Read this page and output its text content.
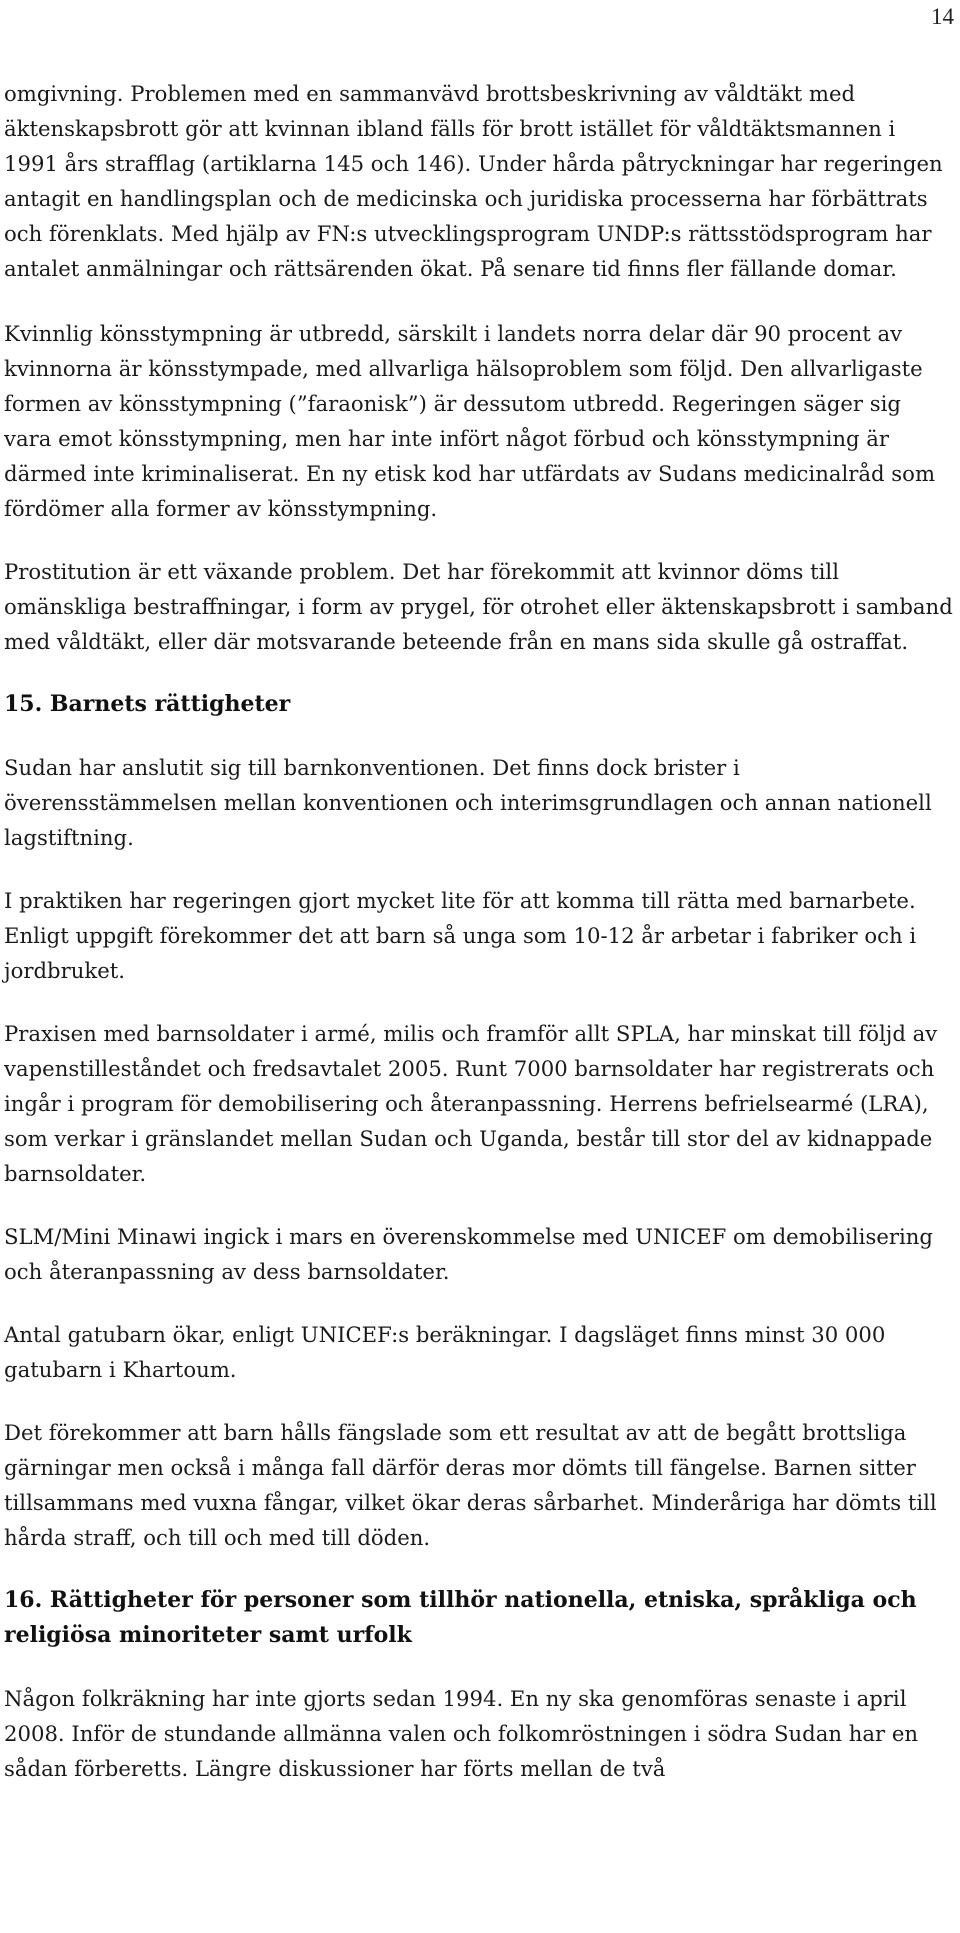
14

omgivning. Problemen med en sammanvävd brottsbeskrivning av våldtäkt med äktenskapsbrott gör att kvinnan ibland fälls för brott istället för våldtäktsmannen i 1991 års strafflag (artiklarna 145 och 146). Under hårda påtryckningar har regeringen antagit en handlingsplan och de medicinska och juridiska processerna har förbättrats och förenklats. Med hjälp av FN:s utvecklingsprogram UNDP:s rättsstödsprogram har antalet anmälningar och rättsärenden ökat. På senare tid finns fler fällande domar.

Kvinnlig könsstympning är utbredd, särskilt i landets norra delar där 90 procent av kvinnorna är könsstympade, med allvarliga hälsoproblem som följd. Den allvarligaste formen av könsstympning (”faraonisk”) är dessutom utbredd. Regeringen säger sig vara emot könsstympning, men har inte infört något förbud och könsstympning är därmed inte kriminaliserat. En ny etisk kod har utfärdats av Sudans medicinalråd som fördömer alla former av könsstympning.

Prostitution är ett växande problem. Det har förekommit att kvinnor döms till omänskliga bestraffningar, i form av prygel, för otrohet eller äktenskapsbrott i samband med våldtäkt, eller där motsvarande beteende från en mans sida skulle gå ostraffat.

15. Barnets rättigheter

Sudan har anslutit sig till barnkonventionen. Det finns dock brister i överensstämmelsen mellan konventionen och interimsgrundlagen och annan nationell lagstiftning.

I praktiken har regeringen gjort mycket lite för att komma till rätta med barnarbete. Enligt uppgift förekommer det att barn så unga som 10-12 år arbetar i fabriker och i jordbruket.

Praxisen med barnsoldater i armé, milis och framför allt SPLA, har minskat till följd av vapenstilleståndet och fredsavtalet 2005. Runt 7000 barnsoldater har registrerats och ingår i program för demobilisering och återanpassning. Herrens befrielsearmé (LRA), som verkar i gränslandet mellan Sudan och Uganda, består till stor del av kidnappade barnsoldater.

SLM/Mini Minawi ingick i mars en överenskommelse med UNICEF om demobilisering och återanpassning av dess barnsoldater.

Antal gatubarn ökar, enligt UNICEF:s beräkningar. I dagsläget finns minst 30 000 gatubarn i Khartoum.

Det förekommer att barn hålls fängslade som ett resultat av att de begått brottsliga gärningar men också i många fall därför deras mor dömts till fängelse. Barnen sitter tillsammans med vuxna fångar, vilket ökar deras sårbarhet. Minderåriga har dömts till hårda straff, och till och med till döden.

16. Rättigheter för personer som tillhör nationella, etniska, språkliga och religiösa minoriteter samt urfolk

Någon folkräkning har inte gjorts sedan 1994. En ny ska genomföras senaste i april 2008. Inför de stundande allmänna valen och folkomröstningen i södra Sudan har en sådan förberetts. Längre diskussioner har förts mellan de två
